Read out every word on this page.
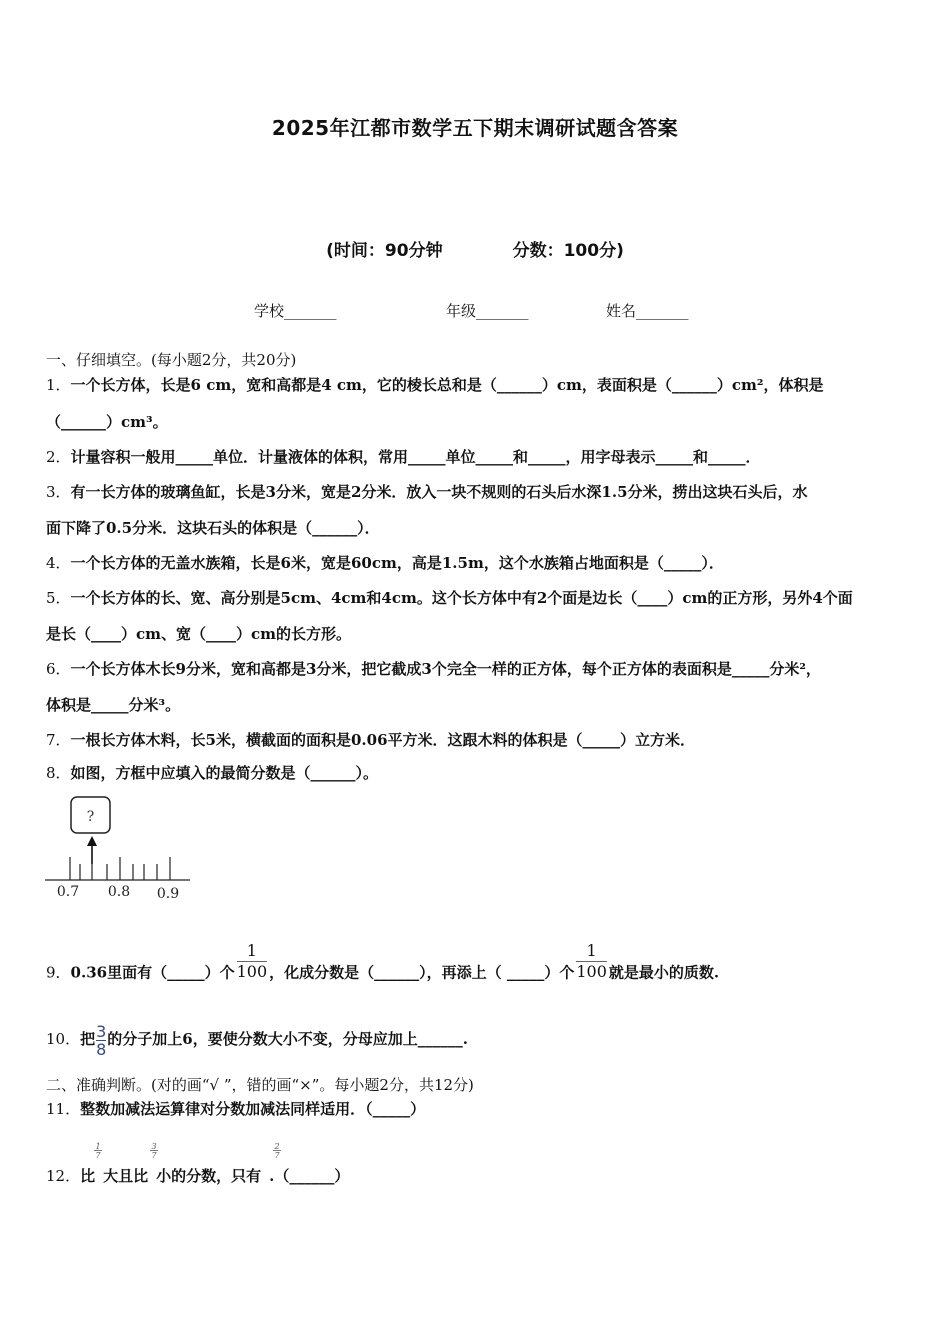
2025年江都市数学五下期末调研试题含答案
(时间：90分钟	分数：100分)
学校_______	年级_______	姓名_______
一、仔细填空。(每小题2分，共20分)
1．一个长方体，长是6 cm，宽和高都是4 cm，它的棱长总和是（______）cm，表面积是（______）cm²，体积是
（______）cm³。
2．计量容积一般用_____单位．计量液体的体积，常用_____单位_____和_____，用字母表示_____和_____．
3．有一长方体的玻璃鱼缸，长是3分米，宽是2分米．放入一块不规则的石头后水深1.5分米，捞出这块石头后，水
面下降了0.5分米．这块石头的体积是（______）．
4．一个长方体的无盖水族箱，长是6米，宽是60cm，高是1.5m，这个水族箱占地面积是（_____）．
5．一个长方体的长、宽、高分别是5cm、4cm和4cm。这个长方体中有2个面是边长（____）cm的正方形，另外4个面
是长（____）cm、宽（____）cm的长方形。
6．一个长方体木长9分米，宽和高都是3分米，把它截成3个完全一样的正方体，每个正方体的表面积是_____分米²，
体积是_____分米³。
7．一根长方体木料，长5米，横截面的面积是0.06平方米．这跟木料的体积是（_____）立方米．
8．如图，方框中应填入的最简分数是（______）。
?
0.7 0.8 0.9
9．0.36里面有（_____）个 $\frac{1}{100}$ ，化成分数是（______），再添上（ _____）个 $\frac{1}{100}$ 就是最小的质数.
10．把 $\frac{3}{8}$ 的分子加上6，要使分数大小不变，分母应加上______.
二、准确判断。(对的画“√ ”，错的画“×”。每小题2分，共12分)
11．整数加减法运算律对分数加减法同样适用．（_____）
12．比 大且比 小的分数，只有 .（______）
1
7
3
7
2
7
